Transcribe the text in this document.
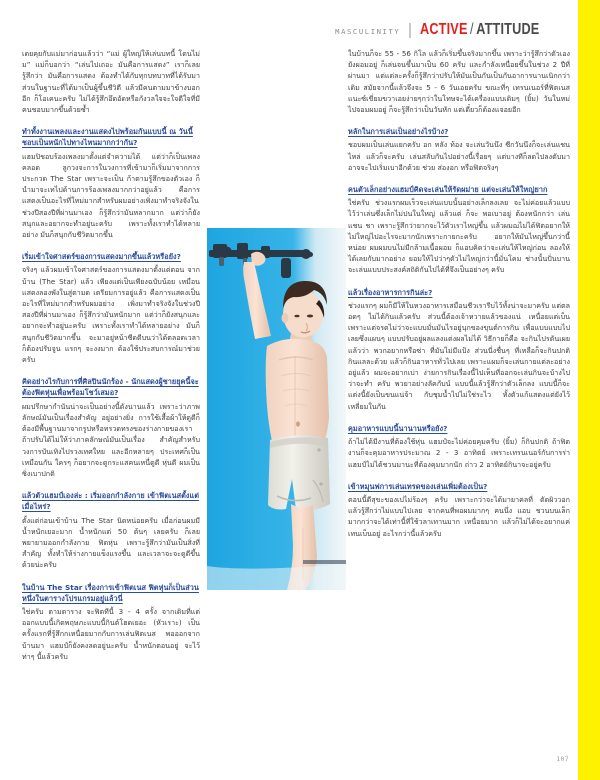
MASCULINITY ACTIVE / ATTITUDE
เดยคุยกับแม่มาก่อนแล้วว่า “แม่ ผู้ใหญ่ให้เล่นบทนี้ โดนไม่ม” แม่ก็บอกว่า “เล่นไปเถอะ มันคือการแสดง” เราก็เลยรู้สึกว่า มันคือการแสดง ต้องทำได้กับทุกบทบาทที่ได้รับมา ส่วนในฐานะที่ได้มาเป็นผู้ขึ้นชีวิตี แล้วมีคนตามมาข้างบอกอีก ก็โอเคนะครับ ไม่ได้รู้สึกอึดอัดหรือกังวลใจจะใจดีใจที่มีคนชอบมากขึ้นด้วยซ้ำ
ทำทั้งงานเพลงและงานแสดงไปพร้อมกันแบบนี้ ณ วันนี้ชอบเป็นหนักไปทางไหนมากกว่ากัน?
แฮมปิชอบร้องเพลงมาตั้งแต่จำความได้ แต่ว่าก็เป็นเพลงคลอด ลูกวงจะการในวงการที่เข้ามาก็เริ่มมาจากการประกวด The Star เพราะจะเป็น ก้าตามรู้สึกของตัวเอง ก็นำมาจะเทไปด้านการร้องเพลงมากกว่าอยู่แล้ว คือการแสดงเป็นอะไรที่ใหม่มากสำหรับผมอย่างเพิ่งมาทำจริงจังในช่วงปีสองปีที่ผ่านมาเอง ก็รู้สึกว่ามันหลากมาก แต่ว่าก็ยังสนุกและอยากจะทำอยู่นะครับ เพราะทั้งเราทำได้หลายอย่าง มันก็สนุกกับชีวิตมากขึ้น
เริ่มเข้าใจศาสตร์ของการแสดงมากขึ้นแล้วหรือยัง?
จริงๆ แล้วผมเข้าใจศาสตร์ของการแสดงมาตั้งแต่ตอน จากบ้าน (The Star) แล้ว เพียงแต่เป็นเพียงฉบับน้อย เหมือนแสดงลองพังในสู่ตามด เตรียมการอยู่แล้ว คือการแสดงเป็นอะไรที่ใหม่มากสำหรับผมอย่าง เพิ่งมาทำจริงจังในช่วงปีสองปีที่ผ่านมาเอง ก็รู้สึกว่ามันหนักมาก แต่ว่าก็ยังสนุกและอยากจะทำอยู่นะครับ เพราะทั้งเราทำได้หลายอย่าง มันก็สนุกกับชีวิตมากขึ้น จะมาอยู่หน้าซีดดีบนว่าได้ตลอดเวลา ก็ต้องปรับจูน แรกๆ จะงงมาก ต้องใช้ประสบการณ์มาช่วยครับ
คิดอย่างไรกับการที่ศิลปินนักร้อง - นักแสดงผู้ชายยุคนี้จะต้องฟิตหุ่นเพื่อพร้อมโชว์เสมอ?
ผมปรึกษากำนันน่าจะเป็นอย่างนี้ดังนานแล้ว เพราะว่าภาพลักษณ์มันเป็นเรื่องสำคัญ อยู่อย่างยิ่ง การใช้เสื้อผ้าให้ดูดีก็ต้องมีพื้นฐานมาจากรูปหรือทรวดทรงของร่างกายของเรา ถ้าปรับได้ไม่ให้ว่าภาคลักษณ์มันเป็นเรื่อง สำคัญสำหรับวงการบันเทิงไปรวงเทศใหย และอีกหลายๆ ประเทศก็เป็นเหมือนกัน ใครๆ ก็อยากจะดูกระแสคนเหนื่ดูดี หุ่นดี ผมเป็นซิ่งเบาปกติ
แล้วตัวแฮมป์เองล่ะ : เริ่มออกกำลังกาย เข้าฟิตเนสตั้งแต่เมื่อไหร่?
ตั้งแต่ก่อนเข้าบ้าน The Star นิดหน่อยครับ เมื่อก่อนผมมีน้ำหนักเยอะมาก น้ำหนักแต่ 50 ต้นๆ เลยครับ ก็เลยพยายามออกกำลังกาย ฟิตหุ่น เพราะรู้สึกว่ามันเป็นสิ่งที่สำคัญ ทั้งทำให้ร่างกายแข็งแรงขึ้น และเวลาจะจะดูดีขึ้นด้วยน่ะครับ
ในบ้าน The Star เรื่องการเข้าฟิตเนส ฟิตหุ่นก็เป็นส่วนหนึ่งในตารางโปรแกรมอยู่แล้วนี่
ใช่ครับ ตามตาราง จะฟิตทีนี้ 3 - 4 ครั้ง จากเดิมที่แต่ออกแบบนี้เกิดพฤษภะแบบนี้กินต์โฮดเยอะ (หัวเราะ) เป็นครั้งแรกที่รู้สึกกเหนื่อยมากกับการเล่นฟิตเนส พอออกจากบ้านมา แฮมป์ก็ยังคงลดอยู่นะครับ น้ำหนักตอนอยู่ จะไว้ท่าๆ นี้แล้วครับ
ในบ้านก็จะ 55 - 56 กิโล แล้วก็เริ่มขึ้นจริงมากขึ้น เพราะว่ารู้สึกว่าตัวเองยังผอมอยู่ ก็เล่นจนขึ้นมาเป็น 60 ครับ และกำลังเหนื่อยขึ้นในช่วง 2 ปีที่ผ่านมา แต่แต่ละครั้งก็รู้สึกว่าปรับให้มันเป็นกันเป็นกันอาการนานเนิกกว่าเดิม สมัยจากนี้แล้วจึงจะ 5 - 6 วันเอยครับ ขณะที่ๆ เทรนเนอร์ที่ฟิตเนสแนะซ์เขี่ยมขวาเอยง่ายๆกว่าในโทษจะได้เครื่องแบบเดิมๆ (ยิ้ม) วันในหม่ไปจอมผมอยู่ ก็จะรู้สึกว่าเป็นวันหัก แต่เดี๋ยวก็ต้องแจอยอีก
หลักในการเล่นเป็นอย่างไรบ้าง?
ชอบผมเป็นเล่นแยกครับ อก หลัง ท้อง จะเล่นวันนึง ซีกวันนึงก็จะเล่นแชนไหล่ แล้วก็จะครับ เล่นสลับกันไปอย่างนี้เรื่อยๆ แต่บางทีก็ลดไปลงตับมา อาจจะไปเริ่มเบาอีกด้วย ช่วย ส่องอก หรือฟิตจริงๆ
คนตัวเล็กอย่างแฮมป์คิดจะเล่นให้รัดผม่าย แต่จะเล่นให้ใหญ่ยาก
ใช่ครับ ช่วงแรกผมเร็วจะเล่นแบบนั้นอย่างเล็กลงเลย จะไม่ค่อยแล้วแบบไว้ว่าเล่นซึ่งเล็กไม่ปนในใหญ่ แล้วแต่ ก็จะ พอเบาอยู่ ต้องหนักกว่า เล่นแชน ชา เพราะรู้สึกว่ายากจะไว้ตัวเราไหญ่ขึ้น แล้วผมฌไม่ได้ฟิตอยากให้ไม่ใหญ่ไปอะไรจะมากนักเพราะกายกะครับ อยากให้มันไหญ่ขึ้นกว่านี้หน่อย ผมผมบนไม่มีกล้ามเนื้อผอม ก็แอบคิดว่าจะเล่นให้ไหญ่ก่อน ลองให้ได้เลยกับมากอย่าง ยอมให้ไปว่าๆตัวไม่ไหญ่กว่านี้มั่นโคม ช่างนั้นปั่นบานจะเล่นแบบประสงค์สถิติกันไปได้ที่จึงเป็นอย่างๆ ครับ
แล้วเรื่องอาหารการกินล่ะ?
ช่วงแรกๆ ผมก็มีให้ในหวงอาหารเสมือนชีวเรารีบไว้ทั้งน่าจะมาครับ แต่ตลอดๆ ไม่ได้กินแล้วครับ ส่วนนี้ต้องเจ้าหวายแล้วของแน่ เหนื่อยแต่เบ็น เพราะแต่จรดไม่ว่าจะแบบมั่นมันไรอยู่นุกของขุนต์การกิน เพื่อแบบแบบไปเลยซึ่งแผนๆ แบบปรับอยู่ผลแลงแต่งผลไม่ได้ วิธีกายก็คือ จะกินไปรดันเผยแล้วว่า พวกอยากหรือซ่า ที่มันไม่มีแป้ง ส่วนนี่งชื่นๆ ที่เหลือก็จะกินปกติ กินแลละด้วย แล้วก็กินอาหารทั่วไปเลย เพราะแผมก็จะเล่นกายแต่ละอย่างอยู่แล้ว ผมจะอยากเบ่า ง่ายการกินเรื่องนี้ไปเห็นที่ออกจะเล่นกินจะบ้างไปว่าจะทำ ครับ พวยาอย่างลัคกับน์ แบบนี้แล้วรู้สึกว่าตัวเล็กลง แบบนี้ก็จะแต่งนี้ยังเป็นขนแน่จ้า กับชุมน้ำไปไม่ใช่ระไว ทั้งตัวแก้แสดงแต่ยังไว้เหลี่ยมในกัน
คุมอาหารแบบนี้นานานหรือยัง?
ถ้าไม่ได้มีงานที่ต้องใช้หุ่น แฮมป์จะไม่ค่อยคุมครับ (ยิ้ม) ก็กินปกติ ถ้าฟิตงานก็จะคุมอาหารประมาณ 2 - 3 อาทิตย์ เพราะเทรนเนอร์กับการร่า แฮมป์ไม่ได้ชวนมานะที่ต้องคุมมากนัก ถ่าว 2 อาทิตย์กินาจะอยู่ครับ
เข้าหมุนฟการเล่นเทรดของเล่นเพิ่มต้องเป็น?
ตอนนี้ดีสุขะของเปไม่ร้องๆ ครับ เพราะกว่าจะได้มายาคลที่ ตัดผิววอก แล้วรู้สึกว่าไม่แบบไปเลย จากคนที่พอผมมากๆ คนนึ่ง แอบ ชวนบนเล็กมากกว่าจะได้เท่านี้ที่ใช้วลาเทานมาก เหนื่อยมาก แล้วก็ไม่ได้จะอยากแค่เทนเบ็นอยู่ อะไรกว่านี้แล้วครับ
107
